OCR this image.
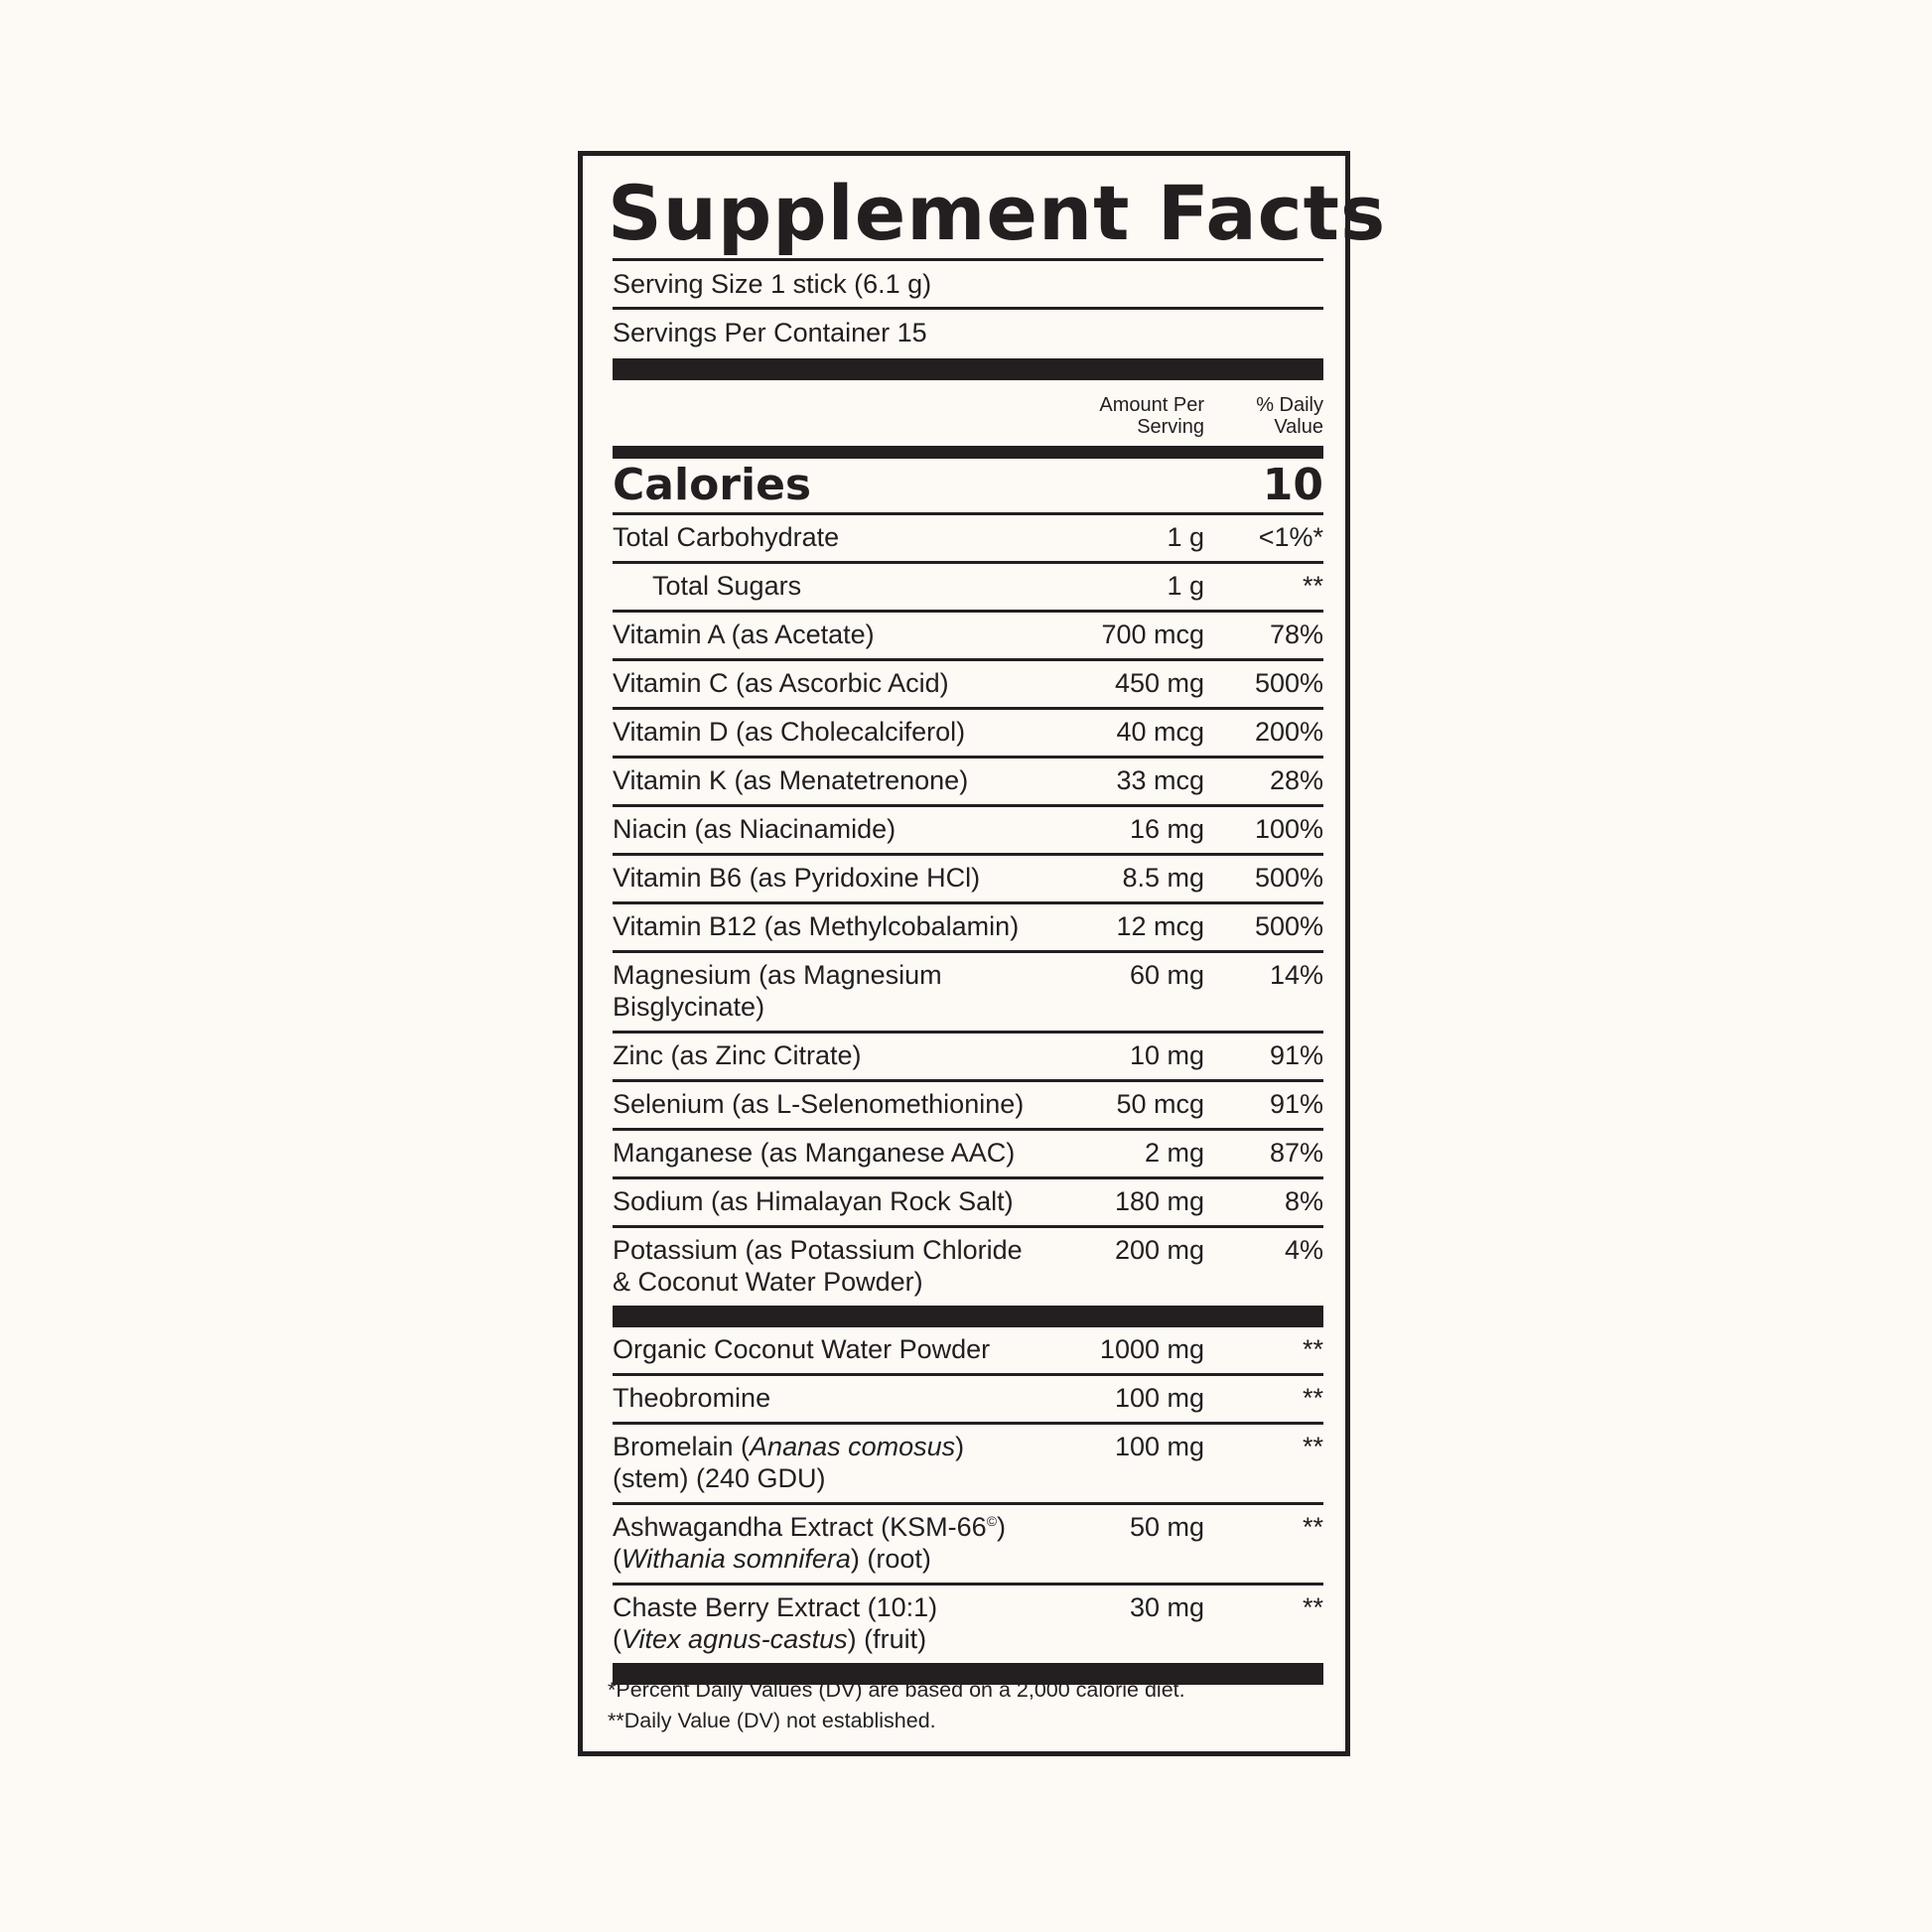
Supplement Facts
Serving Size 1 stick (6.1 g)
Servings Per Container 15
Amount Per
Serving
% Daily
Value
Calories	10
Total Carbohydrate	1 g <1%*
Total Sugars	1 g	**
Vitamin A (as Acetate)	700 mcg 78%
Vitamin C (as Ascorbic Acid)	450 mg 500%
Vitamin D (as Cholecalciferol)	40 mcg 200%
Vitamin K (as Menatetrenone)	33 mcg 28%
Niacin (as Niacinamide)	16 mg 100%
Vitamin B6 (as Pyridoxine HCl)	8.5 mg 500%
Vitamin B12 (as Methylcobalamin)	12 mcg 500%
Magnesium (as Magnesium
Bisglycinate)
60 mg 14%
Zinc (as Zinc Citrate)	10 mg 91%
Selenium (as L-Selenomethionine)	50 mcg 91%
Manganese (as Manganese AAC)	2 mg 87%
Sodium (as Himalayan Rock Salt)	180 mg	8%
Potassium (as Potassium Chloride
& Coconut Water Powder)
200 mg	4%
Organic Coconut Water Powder	1000 mg	**
Theobromine	100 mg	**
Bromelain (Ananas comosus)
(stem) (240 GDU)
100 mg	**
Ashwagandha Extract (KSM-66©)
(Withania somnifera) (root)
50 mg	**
Chaste Berry Extract (10:1)
(Vitex agnus-castus) (fruit)
30 mg	**
*Percent Daily Values (DV) are based on a 2,000 calorie diet.
**Daily Value (DV) not established.
